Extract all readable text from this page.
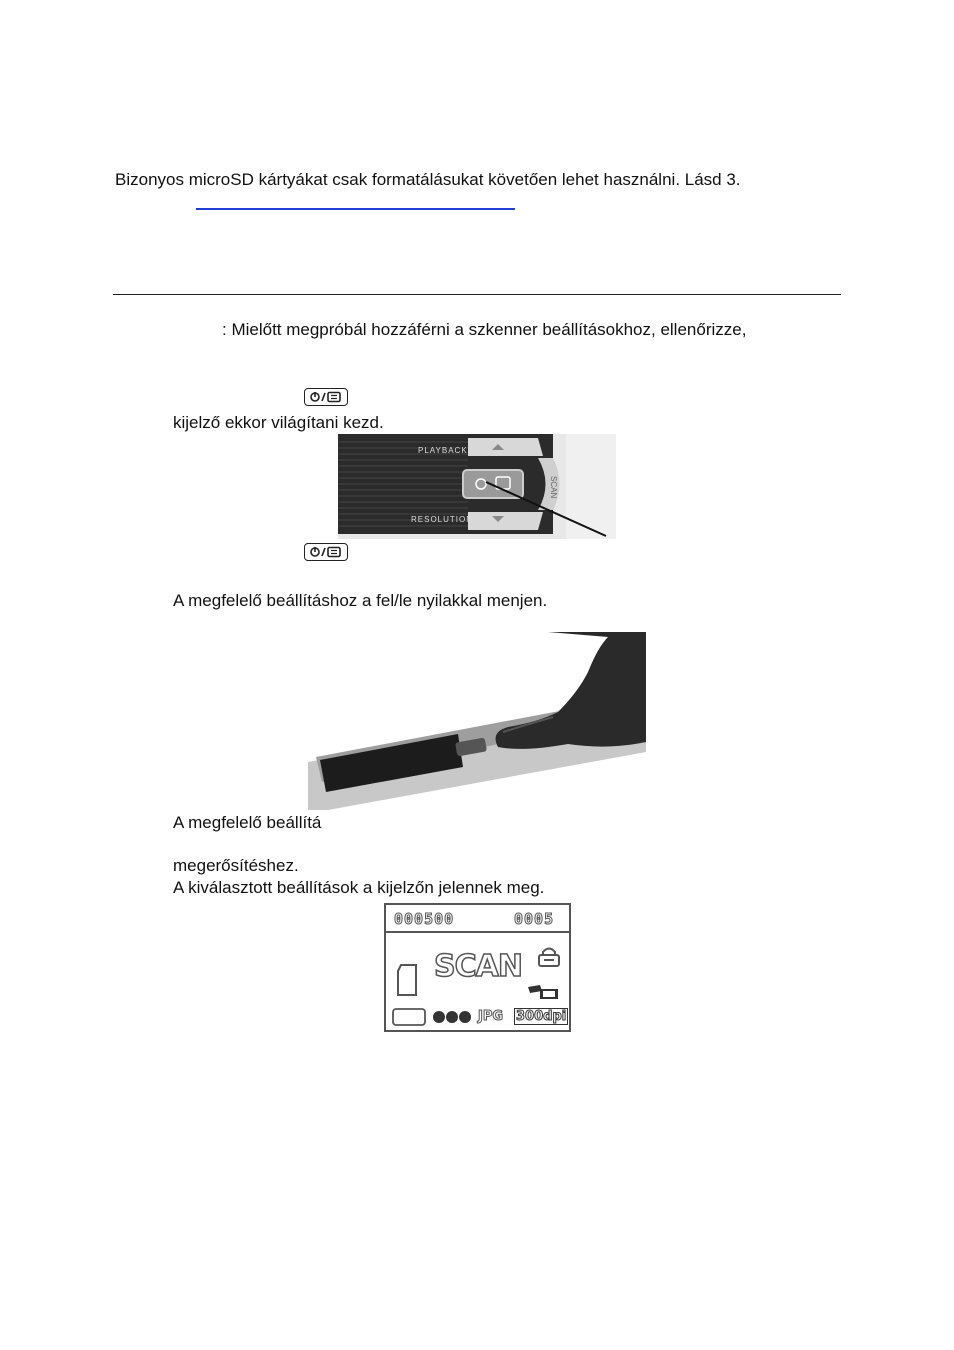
Bizonyos microSD kártyákat csak formatálásukat követően lehet használni. Lásd 3.
: Mielőtt megpróbál hozzáférni a szkenner beállításokhoz, ellenőrizze,
kijelző ekkor világítani kezd.
PLAYBACK
RESOLUTION
SCAN
A megfelelő beállításhoz a fel/le nyilakkal menjen.
A megfelelő beállítá
megerősítéshez.
A kiválasztott beállítások a kijelzőn jelennek meg.
000500	0005
SCAN
JPG 300dpi
